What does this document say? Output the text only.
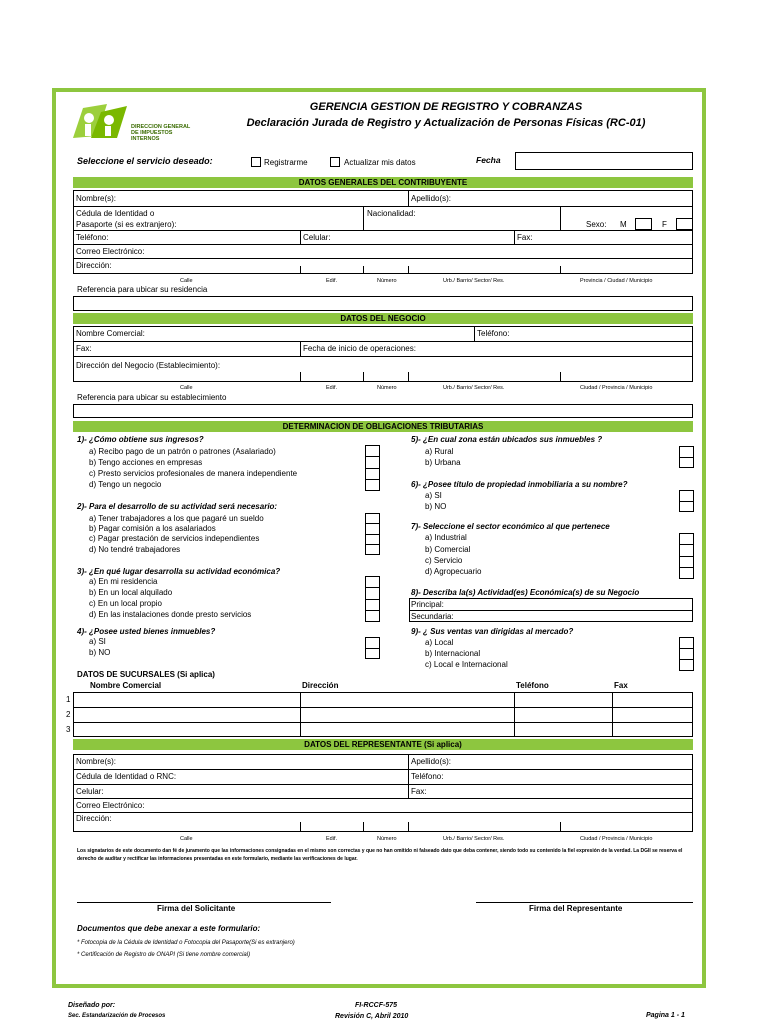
DIRECCION GENERAL
DE IMPUESTOS
INTERNOS
GERENCIA GESTION DE REGISTRO Y COBRANZAS
Declaración Jurada de Registro y Actualización de Personas Físicas (RC-01)
Seleccione el servicio deseado:	Registrarme	Actualizar mis datos	Fecha
DATOS GENERALES DEL CONTRIBUYENTE
Nombre(s):	Apellido(s):
Cédula de Identidad o
Pasaporte (si es extranjero):
Nacionalidad:
Sexo: M	F
Teléfono:	Celular:	Fax:
Correo Electrónico:
Dirección:
Calle	Edif.	Número	Urb./ Barrio/ Sector/ Res.	Provincia / Ciudad / Municipio
Referencia para ubicar su residencia
DATOS DEL NEGOCIO
Nombre Comercial:	Teléfono:
Fax:	Fecha de inicio de operaciones:
Dirección del Negocio (Establecimiento):
Calle	Edif.	Número	Urb./ Barrio/ Sector/ Res.	Ciudad / Provincia / Municipio
Referencia para ubicar su establecimiento
DETERMINACION DE OBLIGACIONES TRIBUTARIAS
1)- ¿Cómo obtiene sus ingresos?
a) Recibo pago de un patrón o patrones (Asalariado)
b) Tengo acciones en empresas
c) Presto servicios profesionales de manera independiente
d) Tengo un negocio
2)- Para el desarrollo de su actividad será necesario:
a) Tener trabajadores a los que pagaré un sueldo
b) Pagar comisión a los asalariados
c) Pagar prestación de servicios independientes
d) No tendré trabajadores
3)- ¿En qué lugar desarrolla su actividad económica?
a) En mi residencia
b) En un local alquilado
c) En un local propio
d) En las instalaciones donde presto servicios
4)- ¿Posee usted bienes inmuebles?
a) SI
b) NO
5)- ¿En cual zona están ubicados sus inmuebles ?
a) Rural
b) Urbana
6)- ¿Posee título de propiedad inmobiliaria a su nombre?
a) SI
b) NO
7)- Seleccione el sector económico al que pertenece
a) Industrial
b) Comercial
c) Servicio
d) Agropecuario
8)- Describa la(s) Actividad(es) Económica(s) de su Negocio
Principal:
Secundaria:
9)- ¿ Sus ventas van dirigidas al mercado?
a) Local
b) Internacional
c) Local e Internacional
DATOS DE SUCURSALES (Si aplica)
Nombre Comercial	Dirección	Teléfono	Fax
1
2
3
DATOS DEL REPRESENTANTE (Si aplica)
Nombre(s):	Apellido(s):
Cédula de Identidad o RNC:	Teléfono:
Celular:	Fax:
Correo Electrónico:
Dirección:
Calle	Edif.	Número	Urb./ Barrio/ Sector/ Res.	Ciudad / Provincia / Municipio
Los signatarios de este documento dan fé de juramento que las informaciones consignadas en el mismo son correctas y que no han omitido ni falseado dato que deba contener, siendo todo su contenido la fiel expresión de la verdad. La DGII se reserva el derecho de auditar y rectificar las informaciones presentadas en este formulario, mediante las verificaciones de lugar.
Firma del Solicitante	Firma del Representante
Documentos que debe anexar a este formulario:
* Fotocopia de la Cédula de Identidad o Fotocopia del Pasaporte(Si es extranjero)
* Certificación de Registro de ONAPI (Si tiene nombre comercial)
Diseñado por:
Sec. Estandarización de Procesos
FI-RCCF-575
Revisión C, Abril 2010	Pagina 1 - 1
